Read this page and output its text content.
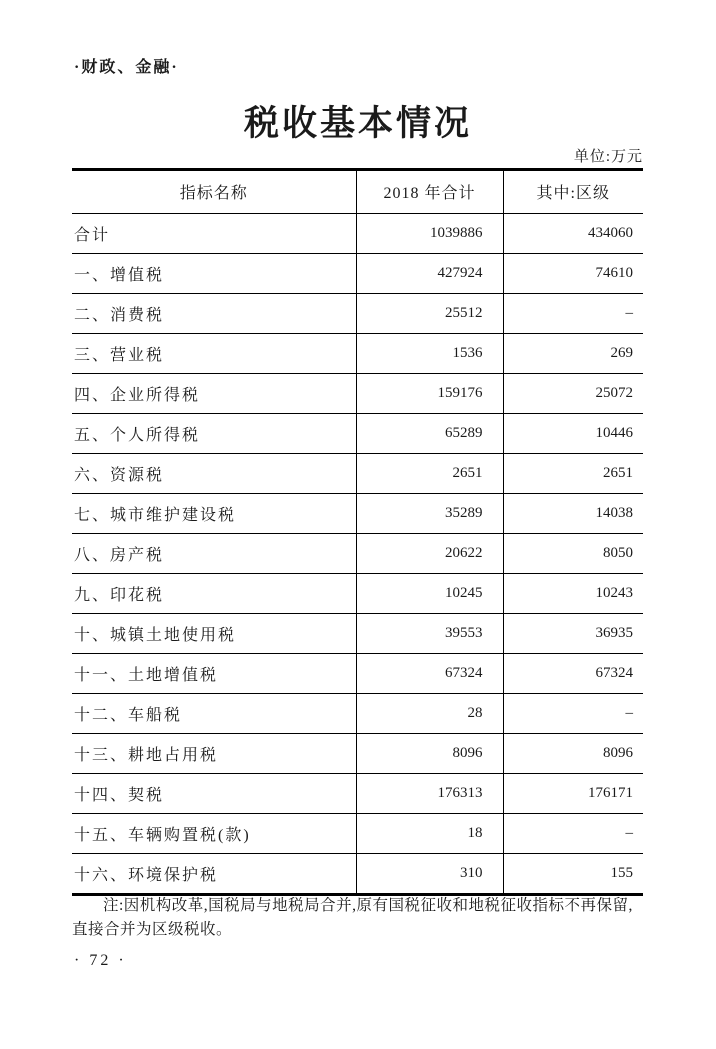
·财政、金融·
税收基本情况
单位:万元
指标名称	2018 年合计	其中:区级
合计	1039886	434060
一、增值税	427924	74610
二、消费税	25512	–
三、营业税	1536	269
四、企业所得税	159176	25072
五、个人所得税	65289	10446
六、资源税	2651	2651
七、城市维护建设税	35289	14038
八、房产税	20622	8050
九、印花税	10245	10243
十、城镇土地使用税	39553	36935
十一、土地增值税	67324	67324
十二、车船税	28	–
十三、耕地占用税	8096	8096
十四、契税	176313	176171
十五、车辆购置税(款)	18	–
十六、环境保护税	310	155
注:因机构改革,国税局与地税局合并,原有国税征收和地税征收指标不再保留,直接合并为区级税收。
· 72 ·
